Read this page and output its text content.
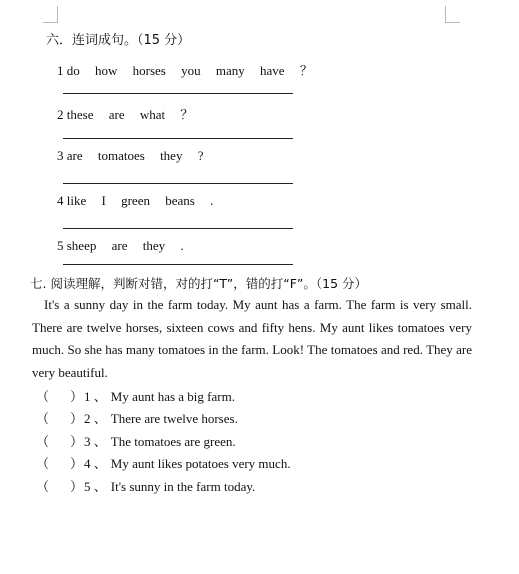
六．连词成句。（15 分）
1 do how horses you many have ？
2 these are what ？
3 are tomatoes they ?
4 like I green beans .
5 sheep are they .
七. 阅读理解，判断对错，对的打“T”，错的打“F”。（15 分）
It's a sunny day in the farm today. My aunt has a farm. The farm is very small. There are twelve horses, sixteen cows and fifty hens. My aunt likes tomatoes very much. So she has many tomatoes in the farm. Look! The tomatoes and red. They are very beautiful.
（ ）1 、 My aunt has a big farm.
（ ）2 、 There are twelve horses.
（ ）3 、 The tomatoes are green.
（ ）4 、 My aunt likes potatoes very much.
（ ）5 、 It's sunny in the farm today.
